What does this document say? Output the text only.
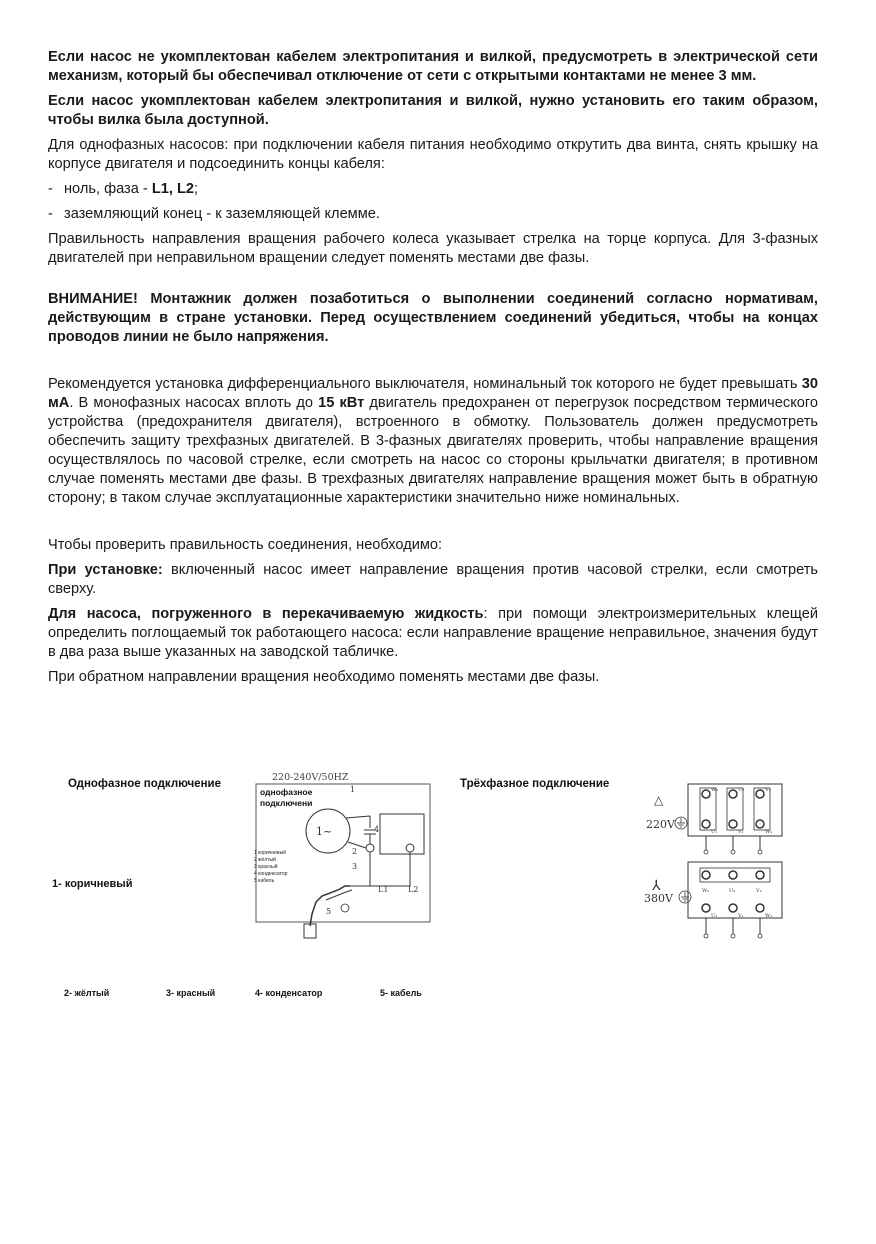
Если насос не укомплектован кабелем электропитания и вилкой, предусмотреть в электрической сети механизм, который бы обеспечивал отключение от сети с открытыми контактами не менее 3 мм.

Если насос укомплектован кабелем электропитания и вилкой, нужно установить его таким образом, чтобы вилка была доступной.

Для однофазных насосов: при подключении кабеля питания необходимо открутить два винта, снять крышку на корпусе двигателя и подсоединить концы кабеля:

- ноль, фаза - L1, L2;
- заземляющий конец - к заземляющей клемме.

Правильность направления вращения рабочего колеса указывает стрелка на торце корпуса. Для 3-фазных двигателей при неправильном вращении следует поменять местами две фазы.

ВНИМАНИЕ! Монтажник должен позаботиться о выполнении соединений согласно нормативам, действующим в стране установки. Перед осуществлением соединений убедиться, чтобы на концах проводов линии не было напряжения.

Рекомендуется установка дифференциального выключателя, номинальный ток которого не будет превышать 30 мА. В монофазных насосах вплоть до 15 кВт двигатель предохранен от перегрузок посредством термического устройства (предохранителя двигателя), встроенного в обмотку. Пользователь должен предусмотреть обеспечить защиту трехфазных двигателей. В 3-фазных двигателях проверить, чтобы направление вращения осуществлялось по часовой стрелке, если смотреть на насос со стороны крыльчатки двигателя; в противном случае поменять местами две фазы. В трехфазных двигателях направление вращения может быть в обратную сторону; в таком случае эксплуатационные характеристики значительно ниже номинальных.

Чтобы проверить правильность соединения, необходимо:

При установке: включенный насос имеет направление вращения против часовой стрелки, если смотреть сверху.

Для насоса, погруженного в перекачиваемую жидкость: при помощи электроизмерительных клещей определить поглощаемый ток работающего насоса: если направление вращение неправильное, значения будут в два раза выше указанных на заводской табличке.

При обратном направлении вращения необходимо поменять местами две фазы.

Однофазное подключение	Трёхфазное подключение
1- коричневый
2- жёлтый	3- красный	4- конденсатор	5- кабель
220-240V/50HZ
однофазное
подключени
1~
1
4
2
3
1 коричневый
2 жёлтый
3 красный
4 конденсатор
5 кабель
5
L1 L2
△
220V
W₂	U₂	V₂
U₁	V₁	W₁
⅄
380V
W₂	U₂	V₂
U₁	V₁	W₁
